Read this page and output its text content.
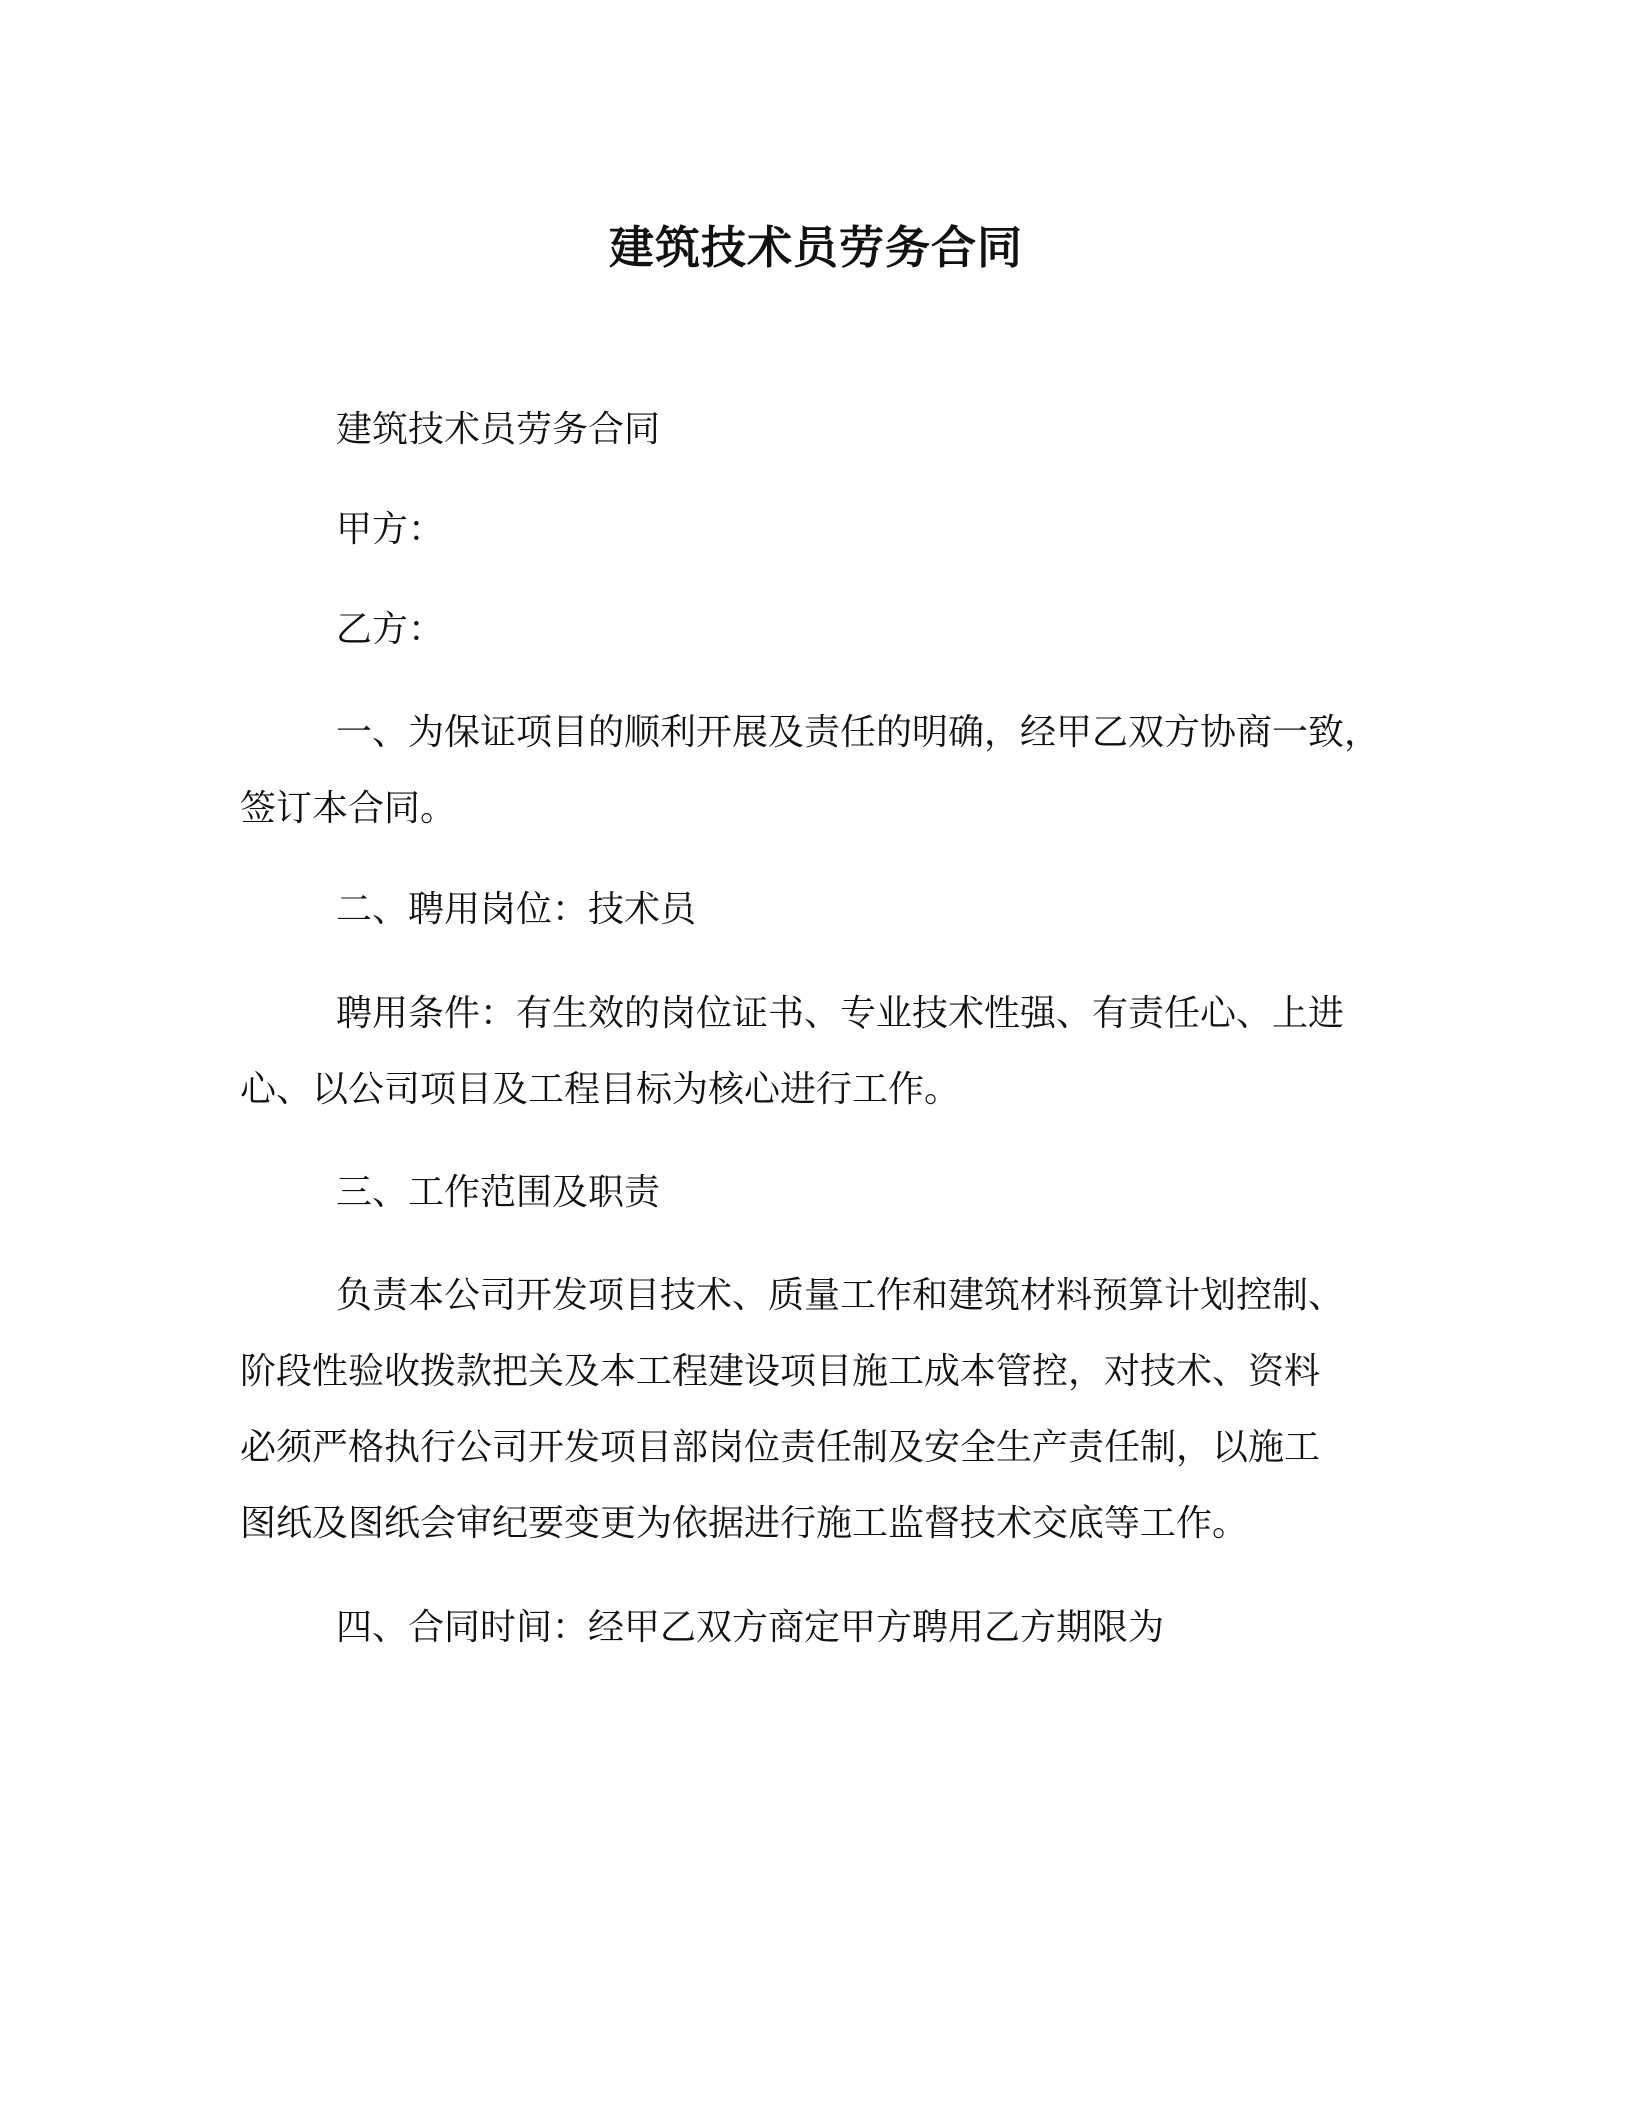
建筑技术员劳务合同
建筑技术员劳务合同
甲方：
乙方：
一、为保证项目的顺利开展及责任的明确，经甲乙双方协商一致，
签订本合同。
二、聘用岗位：技术员
聘用条件：有生效的岗位证书、专业技术性强、有责任心、上进
心、以公司项目及工程目标为核心进行工作。
三、工作范围及职责
负责本公司开发项目技术、质量工作和建筑材料预算计划控制、
阶段性验收拨款把关及本工程建设项目施工成本管控，对技术、资料
必须严格执行公司开发项目部岗位责任制及安全生产责任制，以施工
图纸及图纸会审纪要变更为依据进行施工监督技术交底等工作。
四、合同时间：经甲乙双方商定甲方聘用乙方期限为
